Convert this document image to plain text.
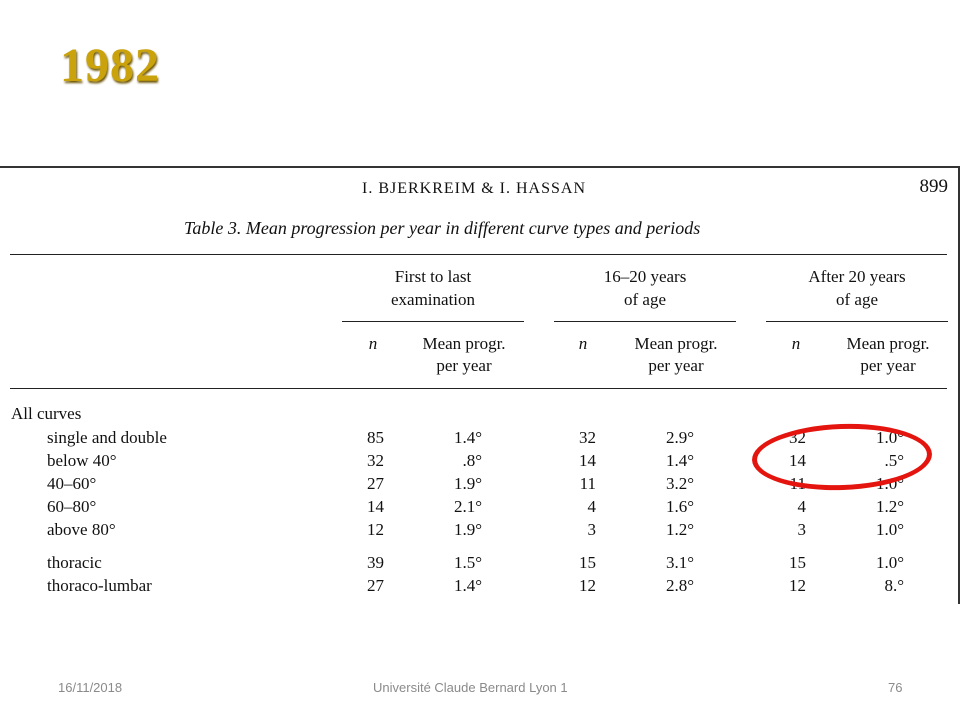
1982
I. BJERKREIM & I. HASSAN	899
Table 3. Mean progression per year in different curve types and periods
First to last
examination
16–20 years
of age
After 20 years
of age
n	Mean progr.
per year
n	Mean progr.
per year
n	Mean progr.
per year
All curves
single and double	85	1.4°	32	2.9°	32	1.0°
below 40°	32	.8°	14	1.4°	14	.5°
40–60°	27	1.9°	11	3.2°	11	1.0°
60–80°	14	2.1°	4	1.6°	4	1.2°
above 80°	12	1.9°	3	1.2°	3	1.0°
thoracic	39	1.5°	15	3.1°	15	1.0°
thoraco-lumbar	27	1.4°	12	2.8°	12	8.°
16/11/2018	Université Claude Bernard Lyon 1	76
